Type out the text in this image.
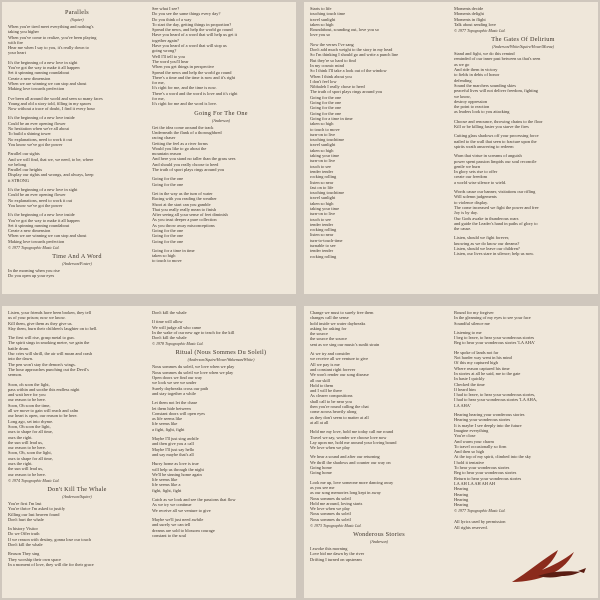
Parallels
(Squier)
When you're tired meet everything and nothing's
taking you higher
When you've come to realize, you've been playing
with fire
Hear me when I say to you, it's really down to
your heart
It's the beginning of a new love in sight
You've got the way to make it all happen
Set it spinning running roundabout
Create a new dimension
When we are winning we can stop and shout
Making love towards perfection
I've been all around the world and seen so many faces
Young and old a story told, filling in my spaces
Now without a trace of doubt, I find it every hour
It's the beginning of a new love inside
Could be an ever opening flower
No hesitation when we're all about
To build a shining tower
No explanations, need to work it out
You know we've got the power
Parallel our sights
And we will find, that we, we need, to be, where
we belong
Parallel our heights
Display our rights and wrongs, and always, keep
it STRONG
It's the beginning of a new love in sight
Could be an ever opening flower
No explanations, need to work it out
You know we've got the power
It's the beginning of a new love inside
You've got the way to make it all happen
Set it spinning running roundabout
Create a new dimension
When we are winning we can stop and shout
Making love towards perfection
© 1977 Topographic Music Ltd.
Time And A Word
(Anderson/Foster)
In the morning when you rise
Do you open up your eyes
See what I see?
Do you see the same things every day?
Do you think of a way
To start the day, getting things in proportion?
Spread the news, and help the world go round
Have you heard of a word that will help us get it
together again?
Have you heard of a word that will stop us
going wrong?
Well I'll tell to you
The word you'll hear
When you get things in perspective
Spread the news and help the world go round
There's a time and the time is now and it's right
for me,
It's right for me, and the time is now.
There's a word and the word is love and it's right
for me,
It's right for me and the word is love.
Going For The One
(Anderson)
Get the idea come around the track
Underneath the flank of a thoroughbred
racing chaser
Getting the feel as a river forms
Would you like to go about the
mountain reason
And here you stand no taller than the grass sees
And should you really choose to heed
The truth of sport plays rings around you
Going for the one
Going for the one
Get in the way as the turn of water
Racing with you reading the weather
Shoot at the start can you gamble
That you really really mean to finish
After seeing all your sense of feet diminish
As you trust deeper a pure collection
As you throw away misconceptions
Going for the one
Going for the one
Going for the one
Going for a time in time
taken so high
to touch to move
Starts to life
touching touch time
travel sunlight
taken so high
Roundabout, sounding out, love you so
love you so
Now the verses I've sang
Don't add much weight to the story in my head
So I'm thinking I should go and write a punch line
But they're so hard to find
In my cosmic mind
So I think I'll take a look out of the window
When I think about you
I don't feel low
Nibbaleh I really chose to heed
The truth of sport plays rings around you
Going for the one
Going for the one
Going for the one
Going for the one
Going for a time in time
taken so high
to touch to move
turn-on to live
touching touchtime
travel sunlight
taken so high
taking your time
turn-on to live
touch to see
tender tender
rocking rolling
listen so near
fast on to life
touching touchtime
travel sunlight
taken so high
taking your time
turn-on to live
touch to see
tender tender
rocking rolling
listen so near
turn-to-touch-time
turnable to see
tender tender
rocking rolling
Moments decide
Moments delight
Moments in flight
Talk about sending love
© 1977 Topographic Music Ltd.
The Gates Of Delirium
(Anderson/White/Squire/Howe/Moraz)
Stand and fight, we do this remind
reminded of our inner past between us that's seen
as we go
And ride them in victory
to fields in debts of honor
defending
Sound the marchers sounding skies
peaceful lives will not deliver freedom, fighting
we know,
destroy oppression
the point to reaction
as leaders look to you attacking
Choose and renounce, throwing chains to the floor
Kill or be killing faster you starve the fires
Cutting glass shadows off your processing force
nailed to the wall that seen to fracture upon the
spirits wrath answering to redeem
Warn that virtue in screams of anguish
power spent passion limpids our soul reconcile
gentle we burn
In glory sets rise to offer
create our freedom
a world wise silence to wield.
Words cause our banner, visitations our rifling
Will solemn judgements
to violence display.
The come increased we fight the power and free
Joy is by day.
Our Gods awake in thunderous roars
and guide the Leader's hand in paths of glory to
the cause.
Listen, should we fight forever,
knowing as we do know our dreams?
Listen, should we leave our children?
Listen, our lives stare in silence; help us now.
Listen, your friends have been broken, they tell
us of your prison; now we know.
Kill them, give them as they give us.
Slay them, burn their children's laughter on to hell.
The fiest will rise, grasp metal to gun.
The spirit sings in smoking metre, we gain the
battle drum.
Our cries will shrill, the air will moan and crash
into the dawn.
The pen won't stay the demon's wings.
The hour approaches punching out the Devil's
sermon.
Soon, oh soon the light,
pass within and soothe this endless night
and wait here for you
our reason to be here.
Soon, Oh soon the time,
all we move to gain will reach and calm
our heart is open, our reason to be here.
Long ago, set into rhyme.
Soon, Oh soon the light,
ours to shape for all time,
ours the right.
the sun will lead us,
our reason to be here.
Soon, Oh, soon the light,
ours to shape for all time,
ours the right.
the sun will lead us,
our reason to be here.
© 1974 Topographic Music Ltd.
Don't Kill The Whale
(Anderson/Squire)
You're first I'm last
You're thrice I'm asked to justify
Killing our last heaven found
Don't hurt the whale
In history Visitor
Do we Offer truth
If we reason with destiny, gonna lose our touch
Don't kill the whale
Reason They sing
They worship their own space
In a moment of love, they will die for their grace
Don't kill the whale
If time will allow
We will judge all who came
In the wake of our new age to teach for the kill
Don't kill the whale
© 1978 Topographic Music Ltd.
Ritual (Nous Sommes Du Soleil)
(Anderson/Squire/Howe/Wakeman/White)
Nous sommes du soleil, we love when we play
Nous sommes du soleil we love when we play
Open doors we find our way
we look we see we under
Surely daybreaks cross our path
and stay together a while
Let them not let the chase
let them hide between
Constant doors will open eyes
as life seems like
life seems like
a fight, fight, fight
Maybe I'll just sing awhile
and then give you a call
Maybe I'll just say hello
and say maybe that's all
Hurry home as love is true
will help us through the night
We'll be sinning home again
life seems like
life seems like a
fight, fight, fight
Catch as we look and see the passions that flow
As we try we continue
We receive all we venture to give
Maybe we'll just need awhile
and surely we can tell
dreams are sold to blossom courage
constant to the soul
Change we must to surely free them
changes call the sense
hold inside we water daybreaks
asking for asking for
the source
the source the source
sent as we sing our music's sunlit strain
At we try and consider
we receive all we venture to give
All we pay is me
and constant right forever
We won't render our song disease
all our skill
Hold to them
and I will be there
As clearer compositions
shall call to be near you
then you're round calling the chat
come across heavily along
as they don't seem to matter at all
at all at all
Hold me my love, hold me today call me round
Travel we say, wonder we choose love now
Lay upon me, hold me around your loving bound
We love when we play
We hear a sound and after our returning
We thrill the shadows and counter our way on
Going home
Going home
Look me up, love someone more dancing away
as you see me
as our song memories long kept in away
Nous sommes du soleil
Hold me around, loving starts
We love when we play
Nous sommes du soleil
Nous sommes du soleil
© 1973 Topographic Music Ltd.
Wonderous Stories
(Anderson)
I awoke this morning
Love bid me dawn by the river
Drifting I turned on upstream
Bound for my forgiver
In the gleaming of my eyes to see your face
Soundful silence me
Listening to me
I beg to leave, to hear your wonderous stories
Beg to hear your wonderous stories 'LA AHA'
He spoke of lands not far
Not harder way went in his mind
Of this my captured high
Where reason captured his time
In stories at all he said, me to the gate
In haste I quickly
Checked the time
If heard him
I had to leave, to hear your wonderous stories,
I had to hear your wonderous stories 'LA AHA,
LA AHA'
Hearing hearing your wonderous stories
Hearing your wonderous stories
It is maybe I see deeply into the future
Imagine everything
You're close
And warm your charm
To travel occasionally so firm
And then so high
At the top of my spirit, climbed into the sky
I hold it tentative
To hear your wonderous stories
Beg to hear your wonderous stories
Return to hear your wonderous stories
LA AH LA AH AH AH
Hearing
Hearing
Hearing
Hearing
© 1977 Topographic Music Ltd.
All lyrics used by permission
All rights reserved.
